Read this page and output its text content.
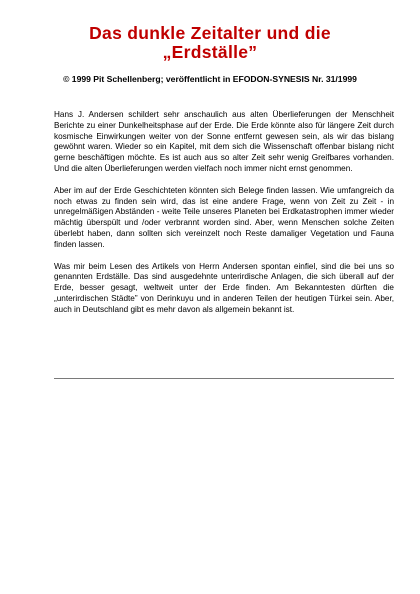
Das dunkle Zeitalter und die
„Erdställe”

© 1999 Pit Schellenberg; veröffentlicht in EFODON-SYNESIS Nr. 31/1999

Hans J. Andersen schildert sehr anschaulich aus alten Überlieferungen der Menschheit Berichte zu einer Dunkelheitsphase auf der Erde. Die Erde könnte also für längere Zeit durch kosmische Einwirkungen weiter von der Sonne entfernt gewesen sein, als wir das bislang gewöhnt waren. Wieder so ein Kapitel, mit dem sich die Wissenschaft offenbar bislang nicht gerne beschäftigen möchte. Es ist auch aus so alter Zeit sehr wenig Greifbares vorhanden. Und die alten Überlieferungen werden vielfach noch immer nicht ernst genommen.

Aber im auf der Erde Geschichteten könnten sich Belege finden lassen. Wie umfangreich da noch etwas zu finden sein wird, das ist eine andere Frage, wenn von Zeit zu Zeit - in unregelmäßigen Abständen - weite Teile unseres Planeten bei Erdkatastrophen immer wieder mächtig überspült und /oder verbrannt worden sind. Aber, wenn Menschen solche Zeiten überlebt haben, dann sollten sich vereinzelt noch Reste damaliger Vegetation und Fauna finden lassen.

Was mir beim Lesen des Artikels von Herrn Andersen spontan einfiel, sind die bei uns so genannten Erdställe. Das sind ausgedehnte unterirdische Anlagen, die sich überall auf der Erde, besser gesagt, weltweit unter der Erde finden. Am Bekanntesten dürften die „unterirdischen Städte” von Derinkuyu und in anderen Teilen der heutigen Türkei sein. Aber, auch in Deutschland gibt es mehr davon als allgemein bekannt ist.
